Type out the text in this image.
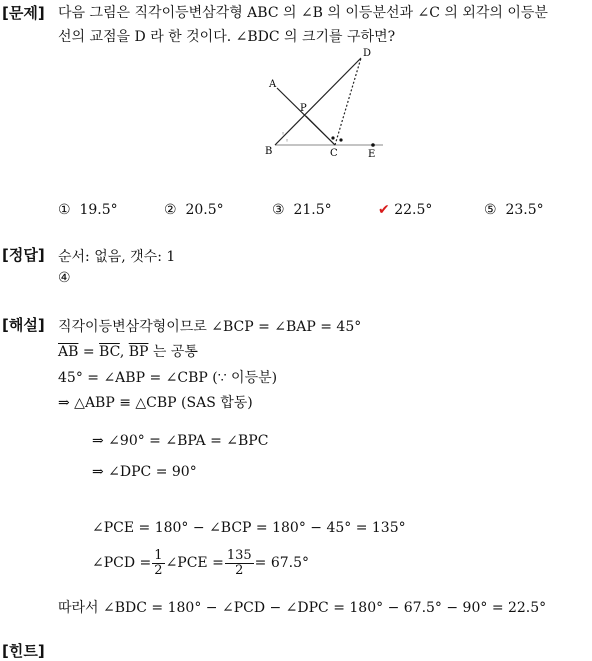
[문제]
[정답]
[해설]
[힌트]
다음 그림은 직각이등변삼각형 ABC 의 ∠B 의 이등분선과 ∠C 의 외각의 이등분
선의 교점을 D 라 한 것이다. ∠BDC 의 크기를 구하면?
◦
◦
D
A
P
B	C	E
① 19.5°	② 20.5°	③ 21.5°	✔ 22.5°	⑤ 23.5°
순서: 없음, 갯수: 1
④
직각이등변삼각형이므로 ∠BCP = ∠BAP = 45°
$\overline{AB} = \overline{BC}$, $\overline{BP}$ 는 공통
45° = ∠ABP = ∠CBP (∵ 이등분)
⇒ △ABP ≡ △CBP (SAS 합동)
⇒ ∠90° = ∠BPA = ∠BPC
⇒ ∠DPC = 90°
∠PCE = 180° − ∠BCP = 180° − 45° = 135°
∠PCD = $\frac{1}{2}$ ∠PCE = $\frac{135}{2} = 67.5^\circ$
따라서 ∠BDC = 180° − ∠PCD − ∠DPC = 180° − 67.5° − 90° = 22.5°
